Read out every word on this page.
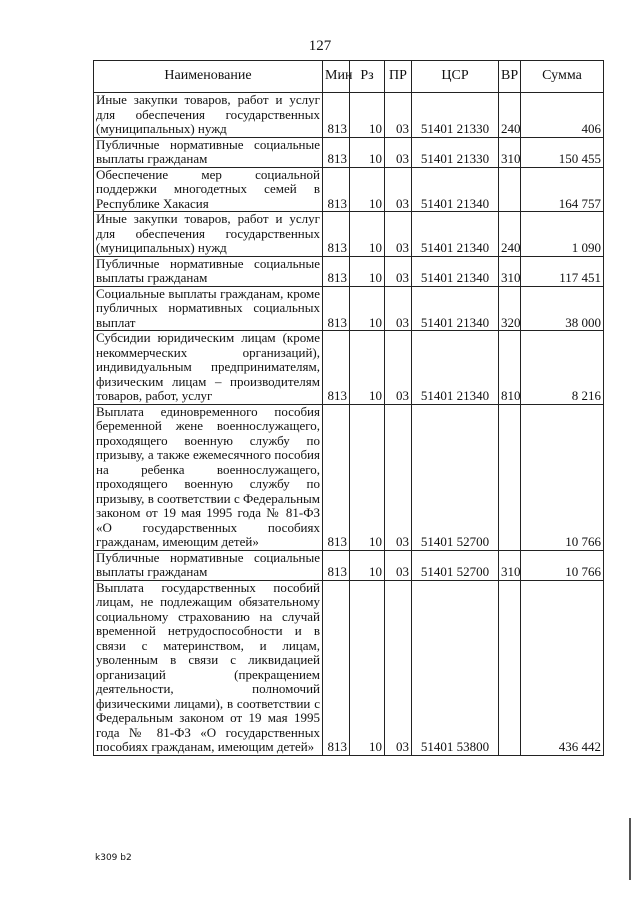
127
Наименование	Мин	Рз	ПР	ЦСР	ВР	Сумма
Иные закупки товаров, работ и услуг для обеспечения государственных (муниципальных) нужд	813	10	03	51401 21330	240	406
Публичные нормативные социальные выплаты гражданам	813	10	03	51401 21330	310	150 455
Обеспечение мер социальной поддержки многодетных семей в Республике Хакасия	813	10	03	51401 21340		164 757
Иные закупки товаров, работ и услуг для обеспечения государственных (муниципальных) нужд	813	10	03	51401 21340	240	1 090
Публичные нормативные социальные выплаты гражданам	813	10	03	51401 21340	310	117 451
Социальные выплаты гражданам, кроме публичных нормативных социальных выплат	813	10	03	51401 21340	320	38 000
Субсидии юридическим лицам (кроме некоммерческих организаций), индивидуальным предпринимателям, физическим лицам – производителям товаров, работ, услуг	813	10	03	51401 21340	810	8 216
Выплата единовременного пособия беременной жене военнослужащего, проходящего военную службу по призыву, а также ежемесячного пособия на ребенка военнослужащего, проходящего военную службу по призыву, в соответствии с Федеральным законом от 19 мая 1995 года № 81-ФЗ «О государственных пособиях гражданам, имеющим детей»	813	10	03	51401 52700		10 766
Публичные нормативные социальные выплаты гражданам	813	10	03	51401 52700	310	10 766
Выплата государственных пособий лицам, не подлежащим обязательному социальному страхованию на случай временной нетрудоспособности и в связи с материнством, и лицам, уволенным в связи с ликвидацией организаций (прекращением деятельности, полномочий физическими лицами), в соответствии с Федеральным законом от 19 мая 1995 года № 81-ФЗ «О государственных пособиях гражданам, имеющим детей»	813	10	03	51401 53800		436 442
k309 b2
